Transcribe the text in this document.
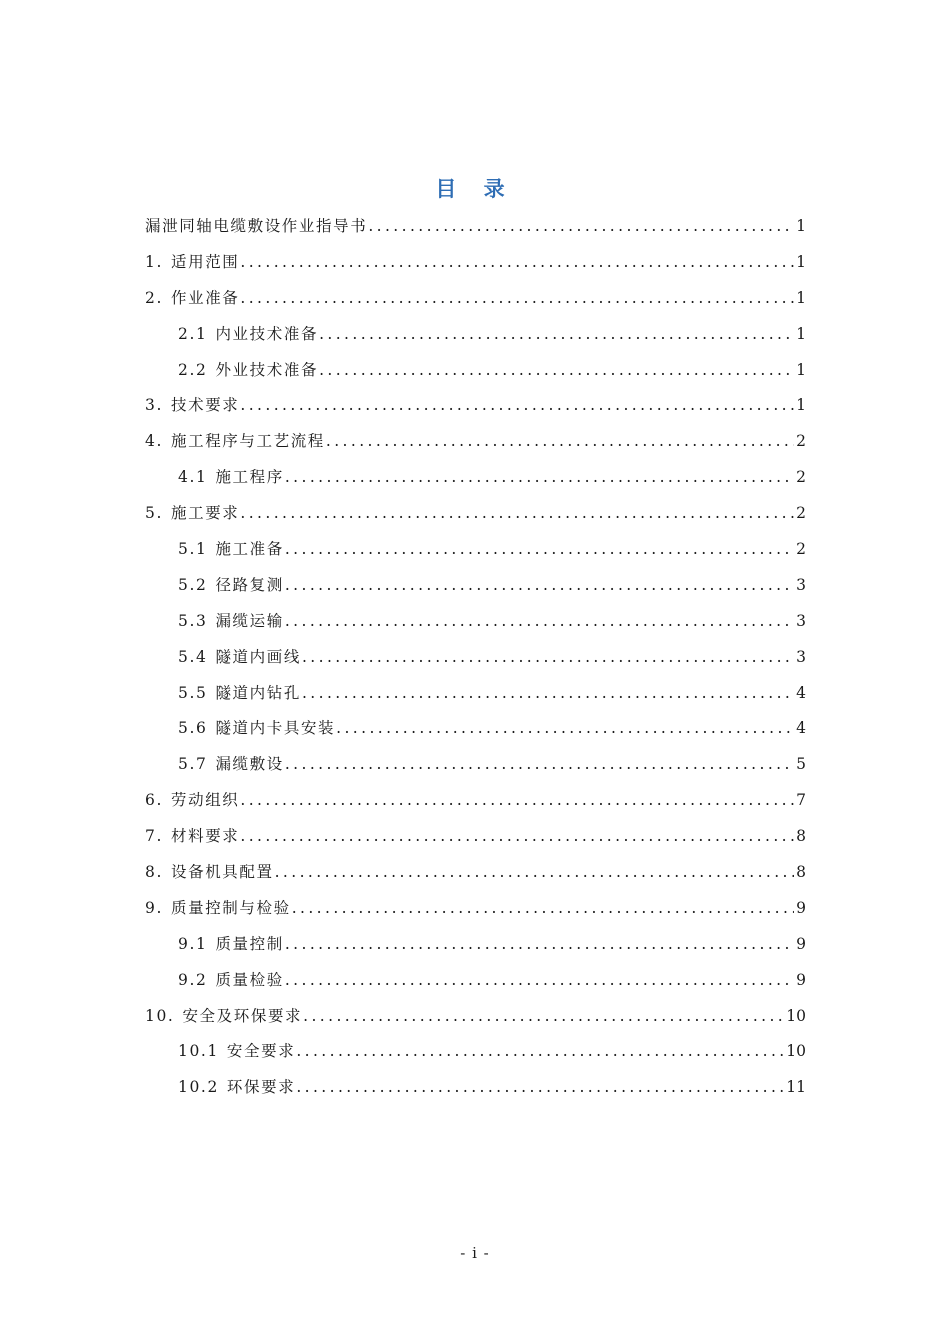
目 录
漏泄同轴电缆敷设作业指导书 .....	1
1. 适用范围 .....	1
2. 作业准备 .....	1
2.1 内业技术准备 .....	1
2.2 外业技术准备 .....	1
3. 技术要求 .....	1
4. 施工程序与工艺流程 .....	2
4.1 施工程序 .....	2
5. 施工要求 .....	2
5.1 施工准备 .....	2
5.2 径路复测 .....	3
5.3 漏缆运输 .....	3
5.4 隧道内画线 .....	3
5.5 隧道内钻孔 .....	4
5.6 隧道内卡具安装 .....	4
5.7 漏缆敷设 .....	5
6. 劳动组织 .....	7
7. 材料要求 .....	8
8. 设备机具配置 .....	8
9. 质量控制与检验 .....	9
9.1 质量控制 .....	9
9.2 质量检验 .....	9
10. 安全及环保要求 .....	10
10.1 安全要求 .....	10
10.2 环保要求 .....	11
- i -
